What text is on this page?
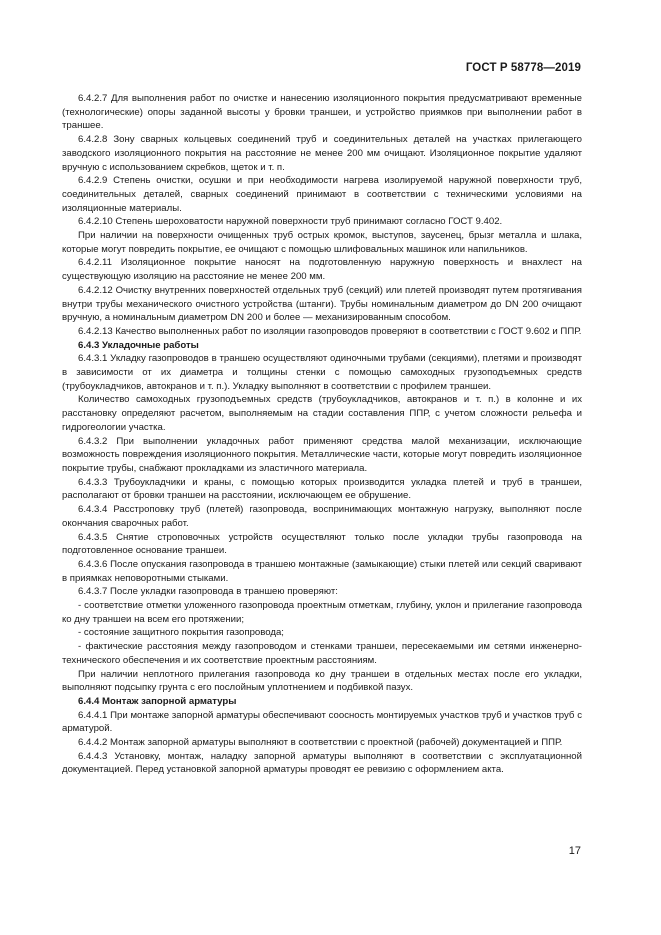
ГОСТ Р 58778—2019

6.4.2.7 Для выполнения работ по очистке и нанесению изоляционного покрытия предусматривают временные (технологические) опоры заданной высоты у бровки траншеи, и устройство приямков при выполнении работ в траншее.

6.4.2.8 Зону сварных кольцевых соединений труб и соединительных деталей на участках прилегающего заводского изоляционного покрытия на расстояние не менее 200 мм очищают. Изоляционное покрытие удаляют вручную с использованием скребков, щеток и т. п.

6.4.2.9 Степень очистки, осушки и при необходимости нагрева изолируемой наружной поверхности труб, соединительных деталей, сварных соединений принимают в соответствии с техническими условиями на изоляционные материалы.

6.4.2.10 Степень шероховатости наружной поверхности труб принимают согласно ГОСТ 9.402.

При наличии на поверхности очищенных труб острых кромок, выступов, заусенец, брызг металла и шлака, которые могут повредить покрытие, ее очищают с помощью шлифовальных машинок или напильников.

6.4.2.11 Изоляционное покрытие наносят на подготовленную наружную поверхность и внахлест на существующую изоляцию на расстояние не менее 200 мм.

6.4.2.12 Очистку внутренних поверхностей отдельных труб (секций) или плетей производят путем протягивания внутри трубы механического очистного устройства (штанги). Трубы номинальным диаметром до DN 200 очищают вручную, а номинальным диаметром DN 200 и более — механизированным способом.

6.4.2.13 Качество выполненных работ по изоляции газопроводов проверяют в соответствии с ГОСТ 9.602 и ППР.

6.4.3 Укладочные работы

6.4.3.1 Укладку газопроводов в траншею осуществляют одиночными трубами (секциями), плетями и производят в зависимости от их диаметра и толщины стенки с помощью самоходных грузоподъемных средств (трубоукладчиков, автокранов и т. п.). Укладку выполняют в соответствии с профилем траншеи.

Количество самоходных грузоподъемных средств (трубоукладчиков, автокранов и т. п.) в колонне и их расстановку определяют расчетом, выполняемым на стадии составления ППР, с учетом сложности рельефа и гидрогеологии участка.

6.4.3.2 При выполнении укладочных работ применяют средства малой механизации, исключающие возможность повреждения изоляционного покрытия. Металлические части, которые могут повредить изоляционное покрытие трубы, снабжают прокладками из эластичного материала.

6.4.3.3 Трубоукладчики и краны, с помощью которых производится укладка плетей и труб в траншеи, располагают от бровки траншеи на расстоянии, исключающем ее обрушение.

6.4.3.4 Расстроповку труб (плетей) газопровода, воспринимающих монтажную нагрузку, выполняют после окончания сварочных работ.

6.4.3.5 Снятие строповочных устройств осуществляют только после укладки трубы газопровода на подготовленное основание траншеи.

6.4.3.6 После опускания газопровода в траншею монтажные (замыкающие) стыки плетей или секций сваривают в приямках неповоротными стыками.

6.4.3.7 После укладки газопровода в траншею проверяют:

- соответствие отметки уложенного газопровода проектным отметкам, глубину, уклон и прилегание газопровода ко дну траншеи на всем его протяжении;

- состояние защитного покрытия газопровода;

- фактические расстояния между газопроводом и стенками траншеи, пересекаемыми им сетями инженерно-технического обеспечения и их соответствие проектным расстояниям.

При наличии неплотного прилегания газопровода ко дну траншеи в отдельных местах после его укладки, выполняют подсыпку грунта с его послойным уплотнением и подбивкой пазух.

6.4.4 Монтаж запорной арматуры

6.4.4.1 При монтаже запорной арматуры обеспечивают соосность монтируемых участков труб и участков труб с арматурой.

6.4.4.2 Монтаж запорной арматуры выполняют в соответствии с проектной (рабочей) документацией и ППР.

6.4.4.3 Установку, монтаж, наладку запорной арматуры выполняют в соответствии с эксплуатационной документацией. Перед установкой запорной арматуры проводят ее ревизию с оформлением акта.

17
